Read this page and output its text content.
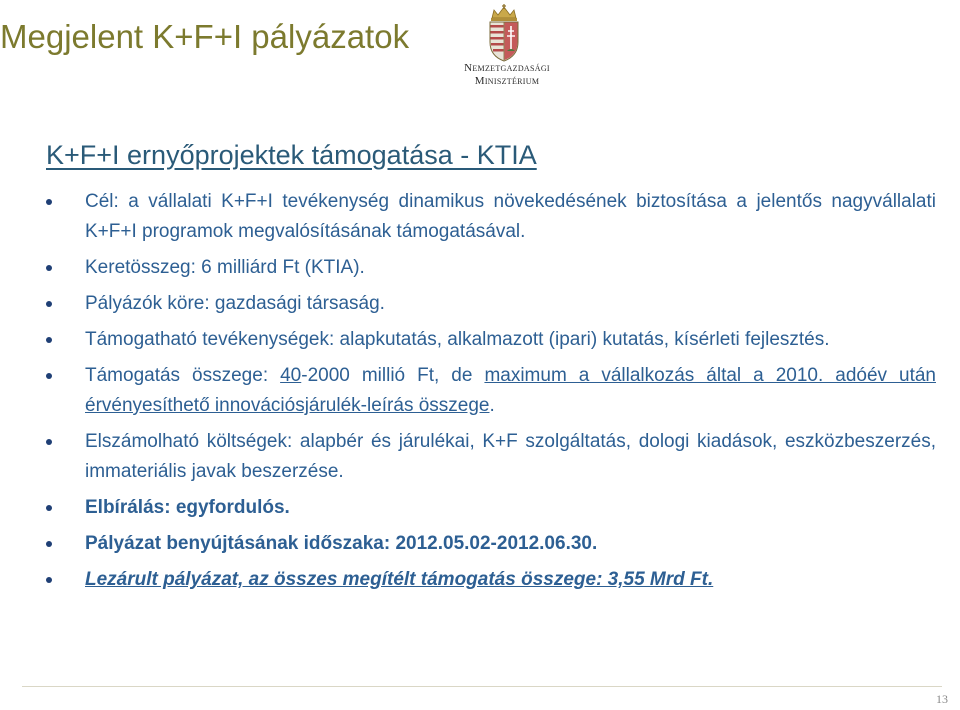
Megjelent K+F+I pályázatok
Nemzetgazdasági
Minisztérium
K+F+I ernyőprojektek támogatása - KTIA
Cél: a vállalati K+F+I tevékenység dinamikus növekedésének biztosítása a jelentős nagyvállalati K+F+I programok megvalósításának támogatásával.
Keretösszeg: 6 milliárd Ft (KTIA).
Pályázók köre: gazdasági társaság.
Támogatható tevékenységek: alapkutatás, alkalmazott (ipari) kutatás, kísérleti fejlesztés.
Támogatás összege: 40-2000 millió Ft, de maximum a vállalkozás által a 2010. adóév után érvényesíthető innovációsjárulék-leírás összege.
Elszámolható költségek: alapbér és járulékai, K+F szolgáltatás, dologi kiadások, eszközbeszerzés, immateriális javak beszerzése.
Elbírálás: egyfordulós.
Pályázat benyújtásának időszaka: 2012.05.02-2012.06.30.
Lezárult pályázat, az összes megítélt támogatás összege: 3,55 Mrd Ft.
13
